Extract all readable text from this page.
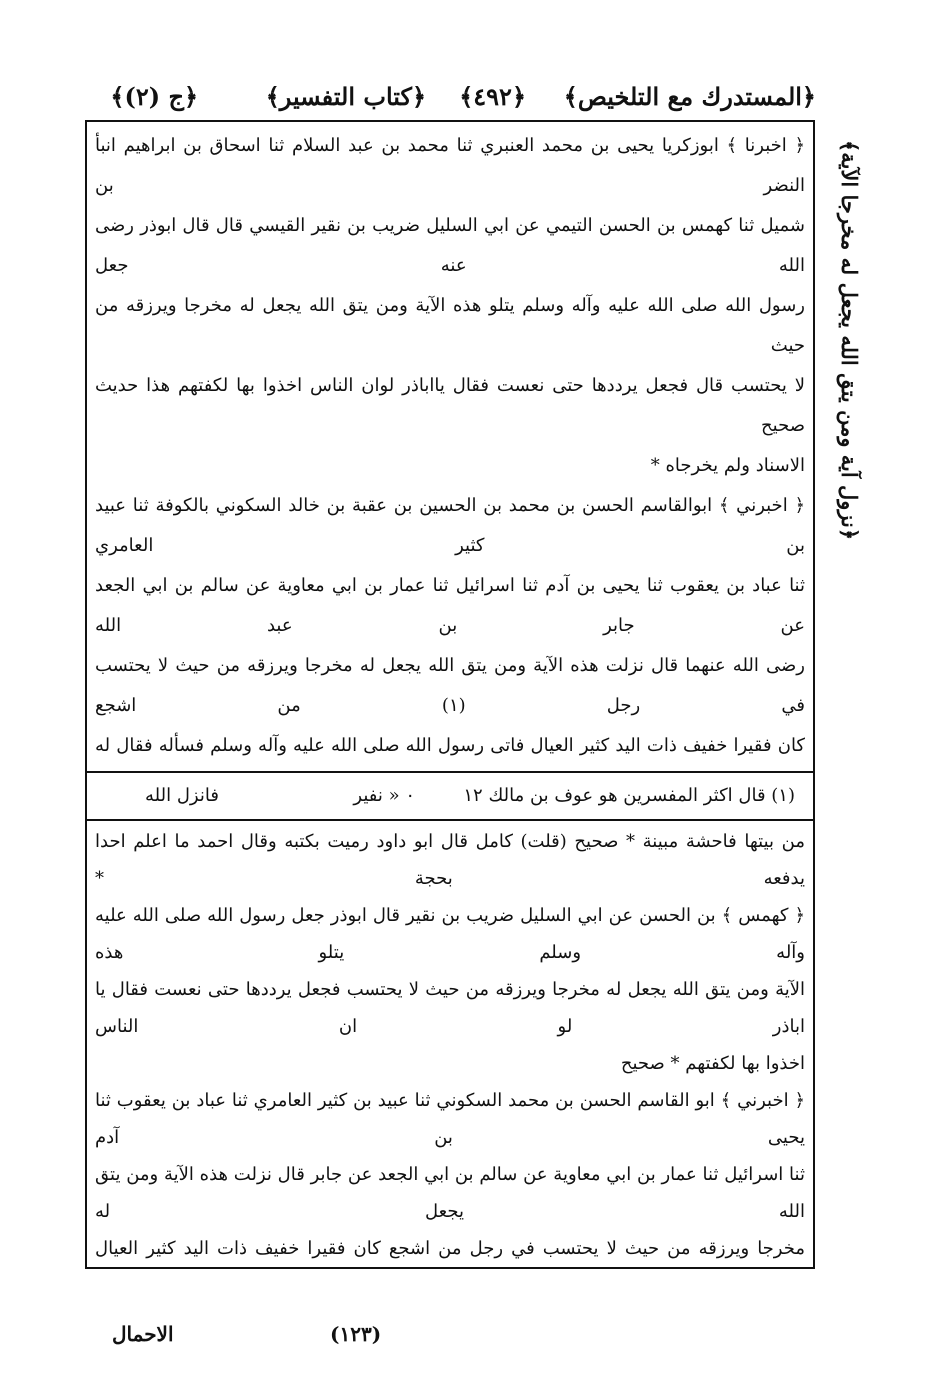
﴿المستدرك مع التلخيص﴾
﴿٤٩٢﴾
﴿كتاب التفسير﴾
﴿ج (٢)﴾
﴿نزول آية ومن يتق الله يجعل له مخرجا الآية﴾

﴿ اخبرنا ﴾ ابوزكريا يحيى بن محمد العنبري ثنا محمد بن عبد السلام ثنا اسحاق بن ابراهيم انبأ النضر بن

شميل ثنا كهمس بن الحسن التيمي عن ابي السليل ضريب بن نقير القيسي قال قال ابوذر رضى الله عنه جعل

رسول الله صلى الله عليه وآله وسلم يتلو هذه الآية ومن يتق الله يجعل له مخرجا ويرزقه من حيث

لا يحتسب قال فجعل يرددها حتى نعست فقال يااباذر لوان الناس اخذوا بها لكفتهم هذا حديث صحيح

الاسناد ولم يخرجاه *

﴿ اخبرني ﴾ ابوالقاسم الحسن بن محمد بن الحسين بن عقبة بن خالد السكوني بالكوفة ثنا عبيد بن كثير العامري

ثنا عباد بن يعقوب ثنا يحيى بن آدم ثنا اسرائيل ثنا عمار بن ابي معاوية عن سالم بن ابي الجعد عن جابر بن عبد الله

رضى الله عنهما قال نزلت هذه الآية ومن يتق الله يجعل له مخرجا ويرزقه من حيث لا يحتسب في رجل (١) من اشجع

كان فقيرا خفيف ذات اليد كثير العيال فاتى رسول الله صلى الله عليه وآله وسلم فسأله فقال له

(١) قال اكثر المفسرين هو عوف بن مالك ١٢
٠ « نفير
فانزل الله

من بيتها فاحشة مبينة * صحيح (قلت) كامل قال ابو داود رميت بكتبه وقال احمد ما اعلم احدا يدفعه بحجة *

﴿ كهمس ﴾ بن الحسن عن ابي السليل ضريب بن نقير قال ابوذر جعل رسول الله صلى الله عليه وآله وسلم يتلو هذه

الآية ومن يتق الله يجعل له مخرجا ويرزقه من حيث لا يحتسب فجعل يرددها حتى نعست فقال يا اباذر لو ان الناس

اخذوا بها لكفتهم * صحيح

﴿ اخبرني ﴾ ابو القاسم الحسن بن محمد السكوني ثنا عبيد بن كثير العامري ثنا عباد بن يعقوب ثنا يحيى بن آدم

ثنا اسرائيل ثنا عمار بن ابي معاوية عن سالم بن ابي الجعد عن جابر قال نزلت هذه الآية ومن يتق الله يجعل له

مخرجا ويرزقه من حيث لا يحتسب في رجل من اشجع كان فقيرا خفيف ذات اليد كثير العيال

الاحمال	(١٢٣)
